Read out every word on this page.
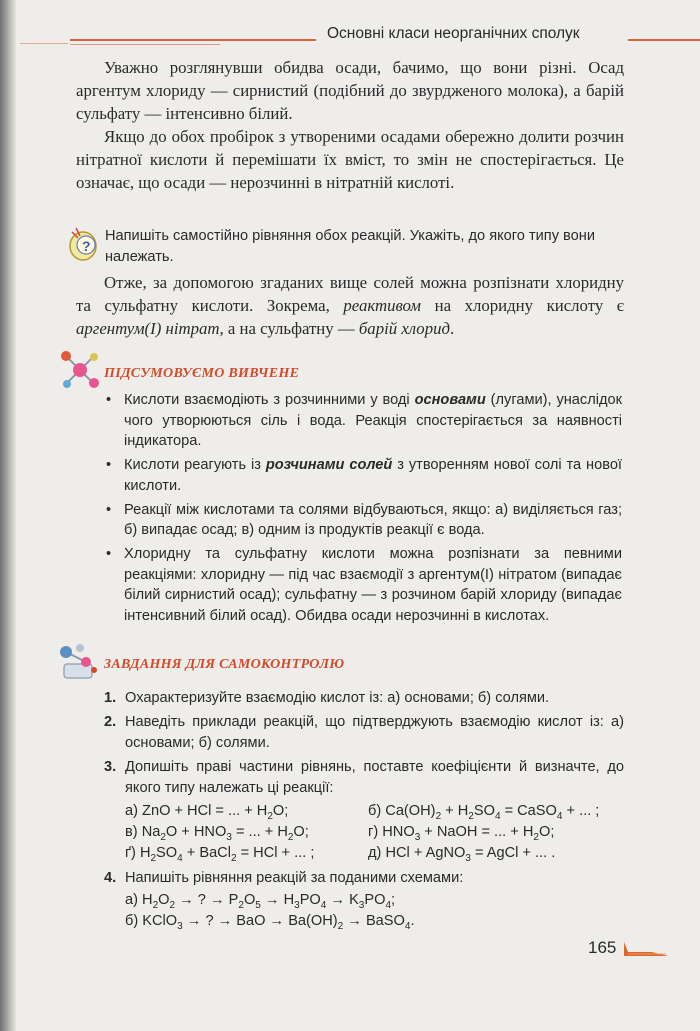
Основні класи неорганічних сполук

Уважно розглянувши обидва осади, бачимо, що вони різні. Осад аргентум хлориду — сирнистий (подібний до звурдженого молока), а барій сульфату — інтенсивно білий.

Якщо до обох пробірок з утвореними осадами обережно долити розчин нітратної кислоти й перемішати їх вміст, то змін не спостерігається. Це означає, що осади — нерозчинні в нітратній кислоті.

?
Напишіть самостійно рівняння обох реакцій. Укажіть, до якого типу вони належать.

Отже, за допомогою згаданих вище солей можна розпізнати хлоридну та сульфатну кислоти. Зокрема, реактивом на хлоридну кислоту є аргентум(І) нітрат, а на сульфатну — барій хлорид.

ПІДСУМОВУЄМО ВИВЧЕНЕ
• Кислоти взаємодіють з розчинними у воді основами (лугами), унаслідок чого утворюються сіль і вода. Реакція спостерігається за наявності індикатора.
• Кислоти реагують із розчинами солей з утворенням нової солі та нової кислоти.
• Реакції між кислотами та солями відбуваються, якщо: а) виділяється газ; б) випадає осад; в) одним із продуктів реакції є вода.
• Хлоридну та сульфатну кислоти можна розпізнати за певними реакціями: хлоридну — під час взаємодії з аргентум(І) нітратом (випадає білий сирнистий осад); сульфатну — з розчином барій хлориду (випадає інтенсивний білий осад). Обидва осади нерозчинні в кислотах.
ЗАВДАННЯ ДЛЯ САМОКОНТРОЛЮ
1. Охарактеризуйте взаємодію кислот із: а) основами; б) солями.
2. Наведіть приклади реакцій, що підтверджують взаємодію кислот із: а) основами; б) солями.
3. Допишіть праві частини рівнянь, поставте коефіцієнти й визначте, до якого типу належать ці реакції:
а) ZnO + HCl = ... + $H_2O$;	б) $Ca(OH)_2 + H_2SO_4$ = CaSO$_4$ + ... ;
в) $Na_2O + HNO_3$ = ... + $H_2O$;	г) $HNO_3$ + NaOH = ... + $H_2O$;
ґ) $H_2SO_4$ + BaCl$_2$ = HCl + ... ;	д) HCl + AgNO$_3$ = AgCl + ... .
4. Напишіть рівняння реакцій за поданими схемами:
а) $H_2O_2$ → ? → $P_2O_5 \to H_3PO_4 \to K_3PO_4$;
б) KClO$_3$ → ? → BaO → $Ba(OH)_2$ → BaSO$_4$.
165
